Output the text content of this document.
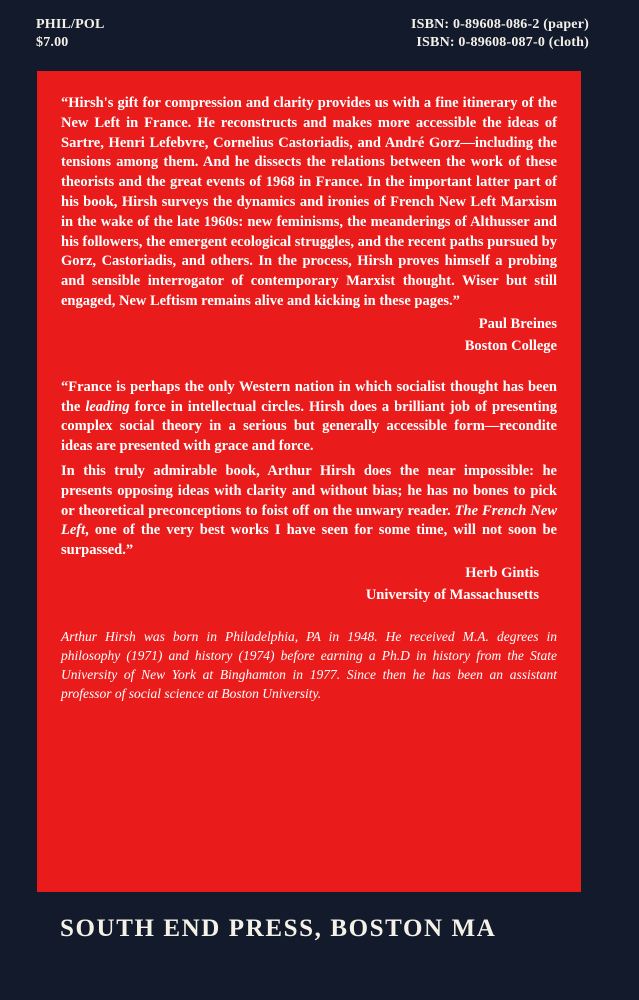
PHIL/POL
$7.00
ISBN: 0-89608-086-2 (paper)
ISBN: 0-89608-087-0 (cloth)

“Hirsh's gift for compression and clarity provides us with a fine itinerary of the New Left in France. He reconstructs and makes more accessible the ideas of Sartre, Henri Lefebvre, Cornelius Castoriadis, and André Gorz—including the tensions among them. And he dissects the relations between the work of these theorists and the great events of 1968 in France. In the important latter part of his book, Hirsh surveys the dynamics and ironies of French New Left Marxism in the wake of the late 1960s: new feminisms, the meanderings of Althusser and his followers, the emergent ecological struggles, and the recent paths pursued by Gorz, Castoriadis, and others. In the process, Hirsh proves himself a probing and sensible interrogator of contemporary Marxist thought. Wiser but still engaged, New Leftism remains alive and kicking in these pages.”

Paul Breines
Boston College

“France is perhaps the only Western nation in which socialist thought has been the leading force in intellectual circles. Hirsh does a brilliant job of presenting complex social theory in a serious but generally accessible form—recondite ideas are presented with grace and force.

In this truly admirable book, Arthur Hirsh does the near impossible: he presents opposing ideas with clarity and without bias; he has no bones to pick or theoretical preconceptions to foist off on the unwary reader. The French New Left, one of the very best works I have seen for some time, will not soon be surpassed.”

Herb Gintis
University of Massachusetts

Arthur Hirsh was born in Philadelphia, PA in 1948. He received M.A. degrees in philosophy (1971) and history (1974) before earning a Ph.D in history from the State University of New York at Binghamton in 1977. Since then he has been an assistant professor of social science at Boston University.

SOUTH END PRESS, BOSTON MA
